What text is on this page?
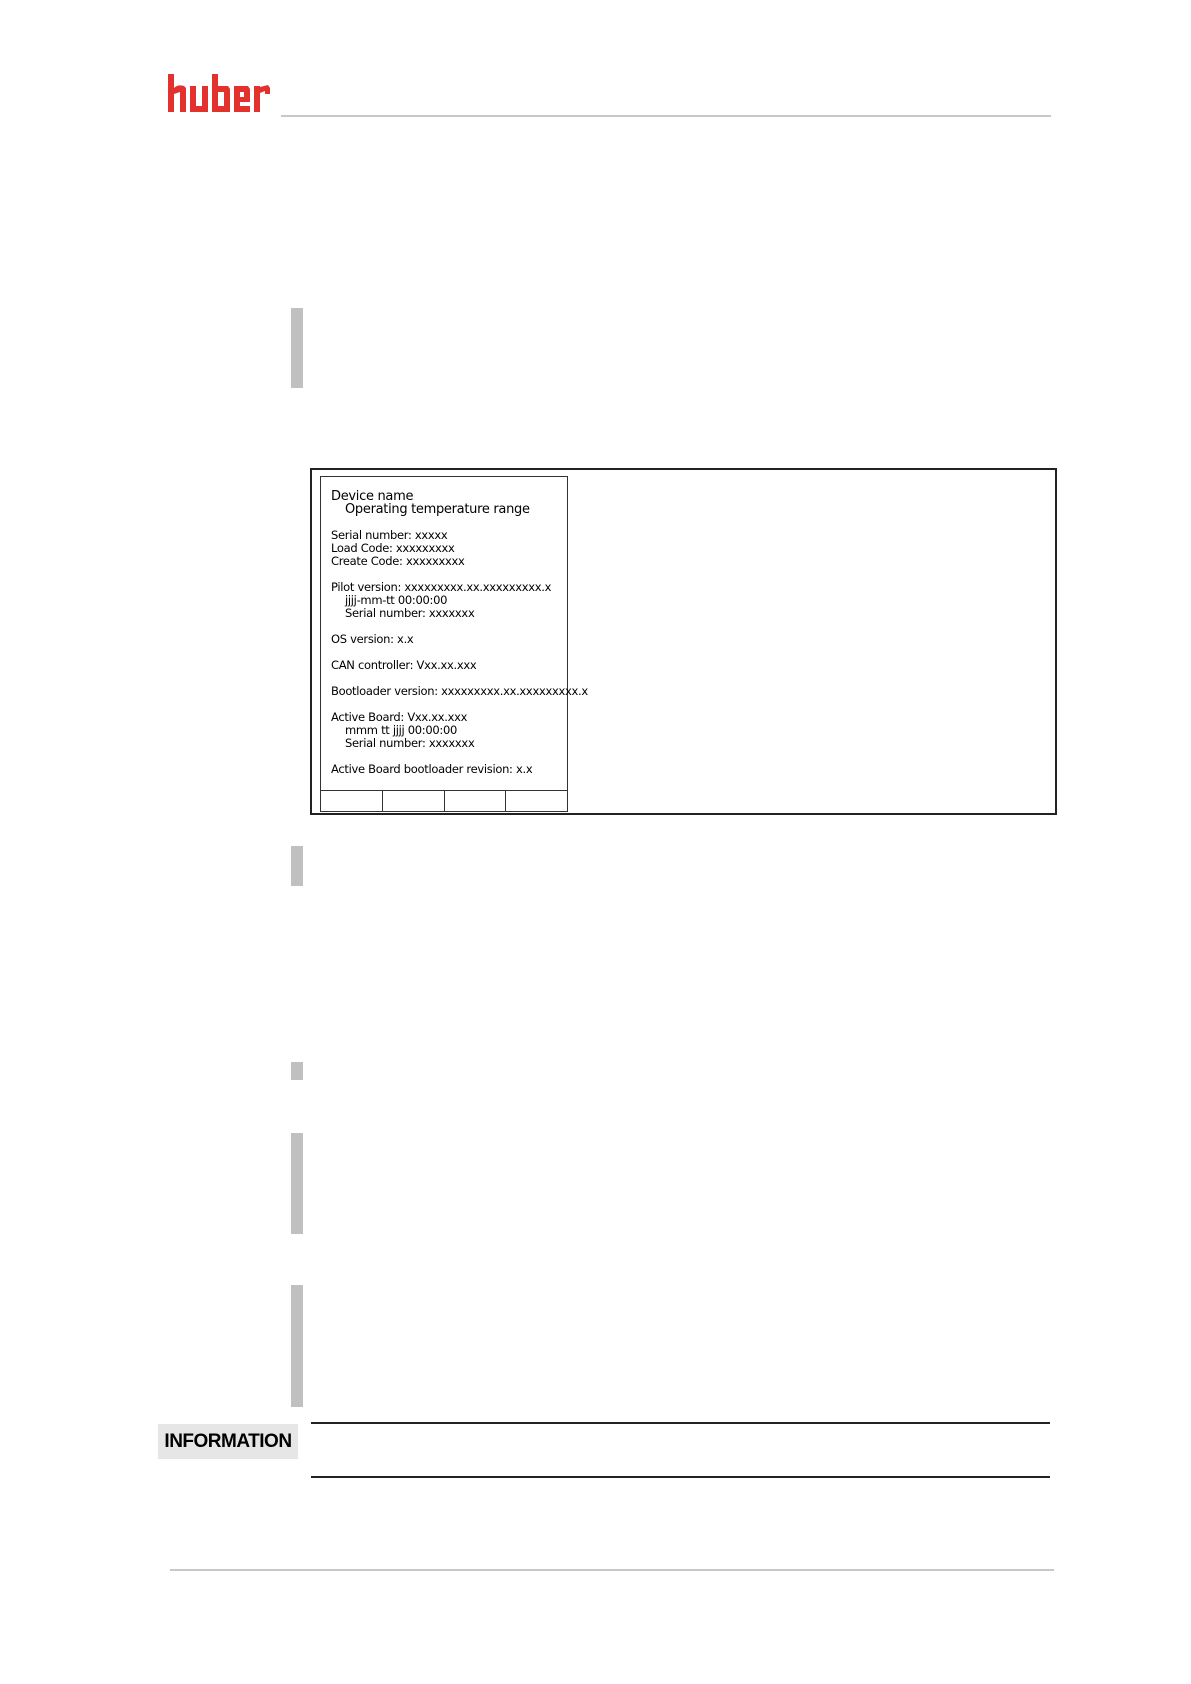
Device name
Operating temperature range
Serial number: xxxxx
Load Code: xxxxxxxxx
Create Code: xxxxxxxxx
Pilot version: xxxxxxxxx.xx.xxxxxxxxx.x
jjjj-mm-tt 00:00:00
Serial number: xxxxxxx
OS version: x.x
CAN controller: Vxx.xx.xxx
Bootloader version: xxxxxxxxx.xx.xxxxxxxxx.x
Active Board: Vxx.xx.xxx
mmm tt jjjj 00:00:00
Serial number: xxxxxxx
Active Board bootloader revision: x.x
INFORMATION
